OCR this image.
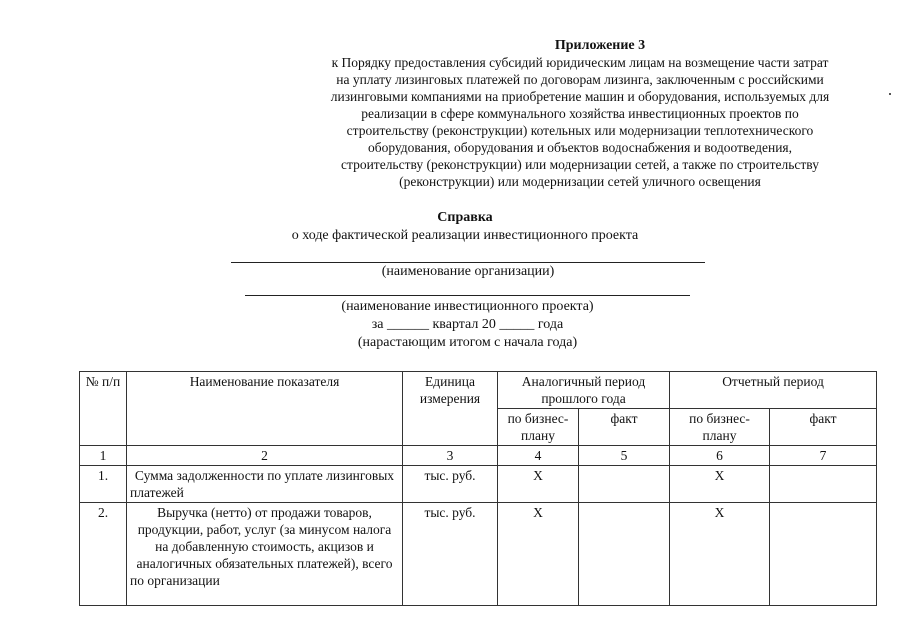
Приложение 3
к Порядку предоставления субсидий юридическим лицам на возмещение части затрат
на уплату лизинговых платежей по договорам лизинга, заключенным с российскими
лизинговыми компаниями на приобретение машин и оборудования, используемых для
реализации в сфере коммунального хозяйства инвестиционных проектов по
строительству (реконструкции) котельных или модернизации теплотехнического
оборудования, оборудования и объектов водоснабжения и водоотведения,
строительству (реконструкции) или модернизации сетей, а также по строительству
(реконструкции) или модернизации сетей уличного освещения
Справка
о ходе фактической реализации инвестиционного проекта
(наименование организации)
(наименование инвестиционного проекта)
за ______ квартал 20 _____ года
(нарастающим итогом с начала года)
№ п/п	Наименование показателя	Единица измерения	Аналогичный период прошлого года		Отчетный период	
			по бизнес-плану	факт	по бизнес-плану	факт
1	2	3	4	5	6	7
1.	Сумма задолженности по уплате лизинговых платежей	тыс. руб.	Х		Х	
2.	Выручка (нетто) от продажи товаров, продукции, работ, услуг (за минусом налога на добавленную стоимость, акцизов и аналогичных обязательных платежей), всего по организации	тыс. руб.	Х		Х	
